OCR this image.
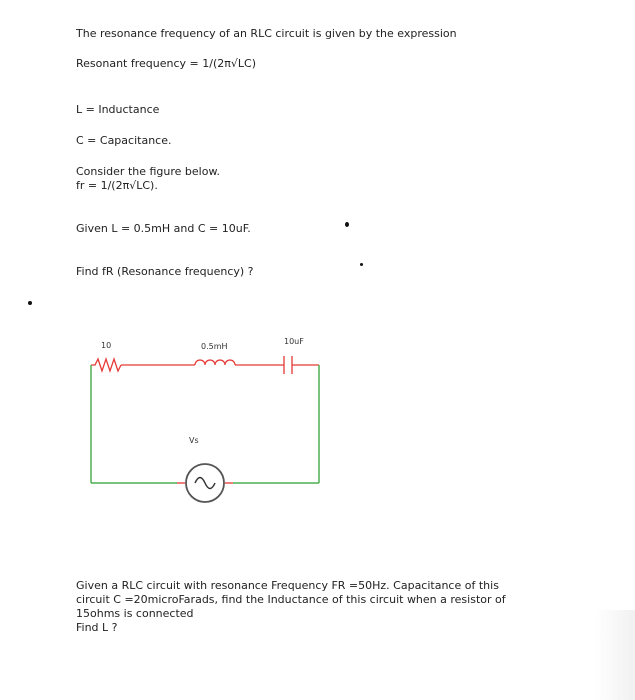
The resonance frequency of an RLC circuit is given by the expression

Resonant frequency = 1/(2π√LC)

L = Inductance

C = Capacitance.

Consider the figure below.

fr = 1/(2π√LC).

Given L = 0.5mH and C = 10uF.

Find fR (Resonance frequency) ?

10	0.5mH
10uF
Vs
Given a RLC circuit with resonance Frequency FR =50Hz. Capacitance of this
circuit C =20microFarads, find the Inductance of this circuit when a resistor of
15ohms is connected
Find L ?
